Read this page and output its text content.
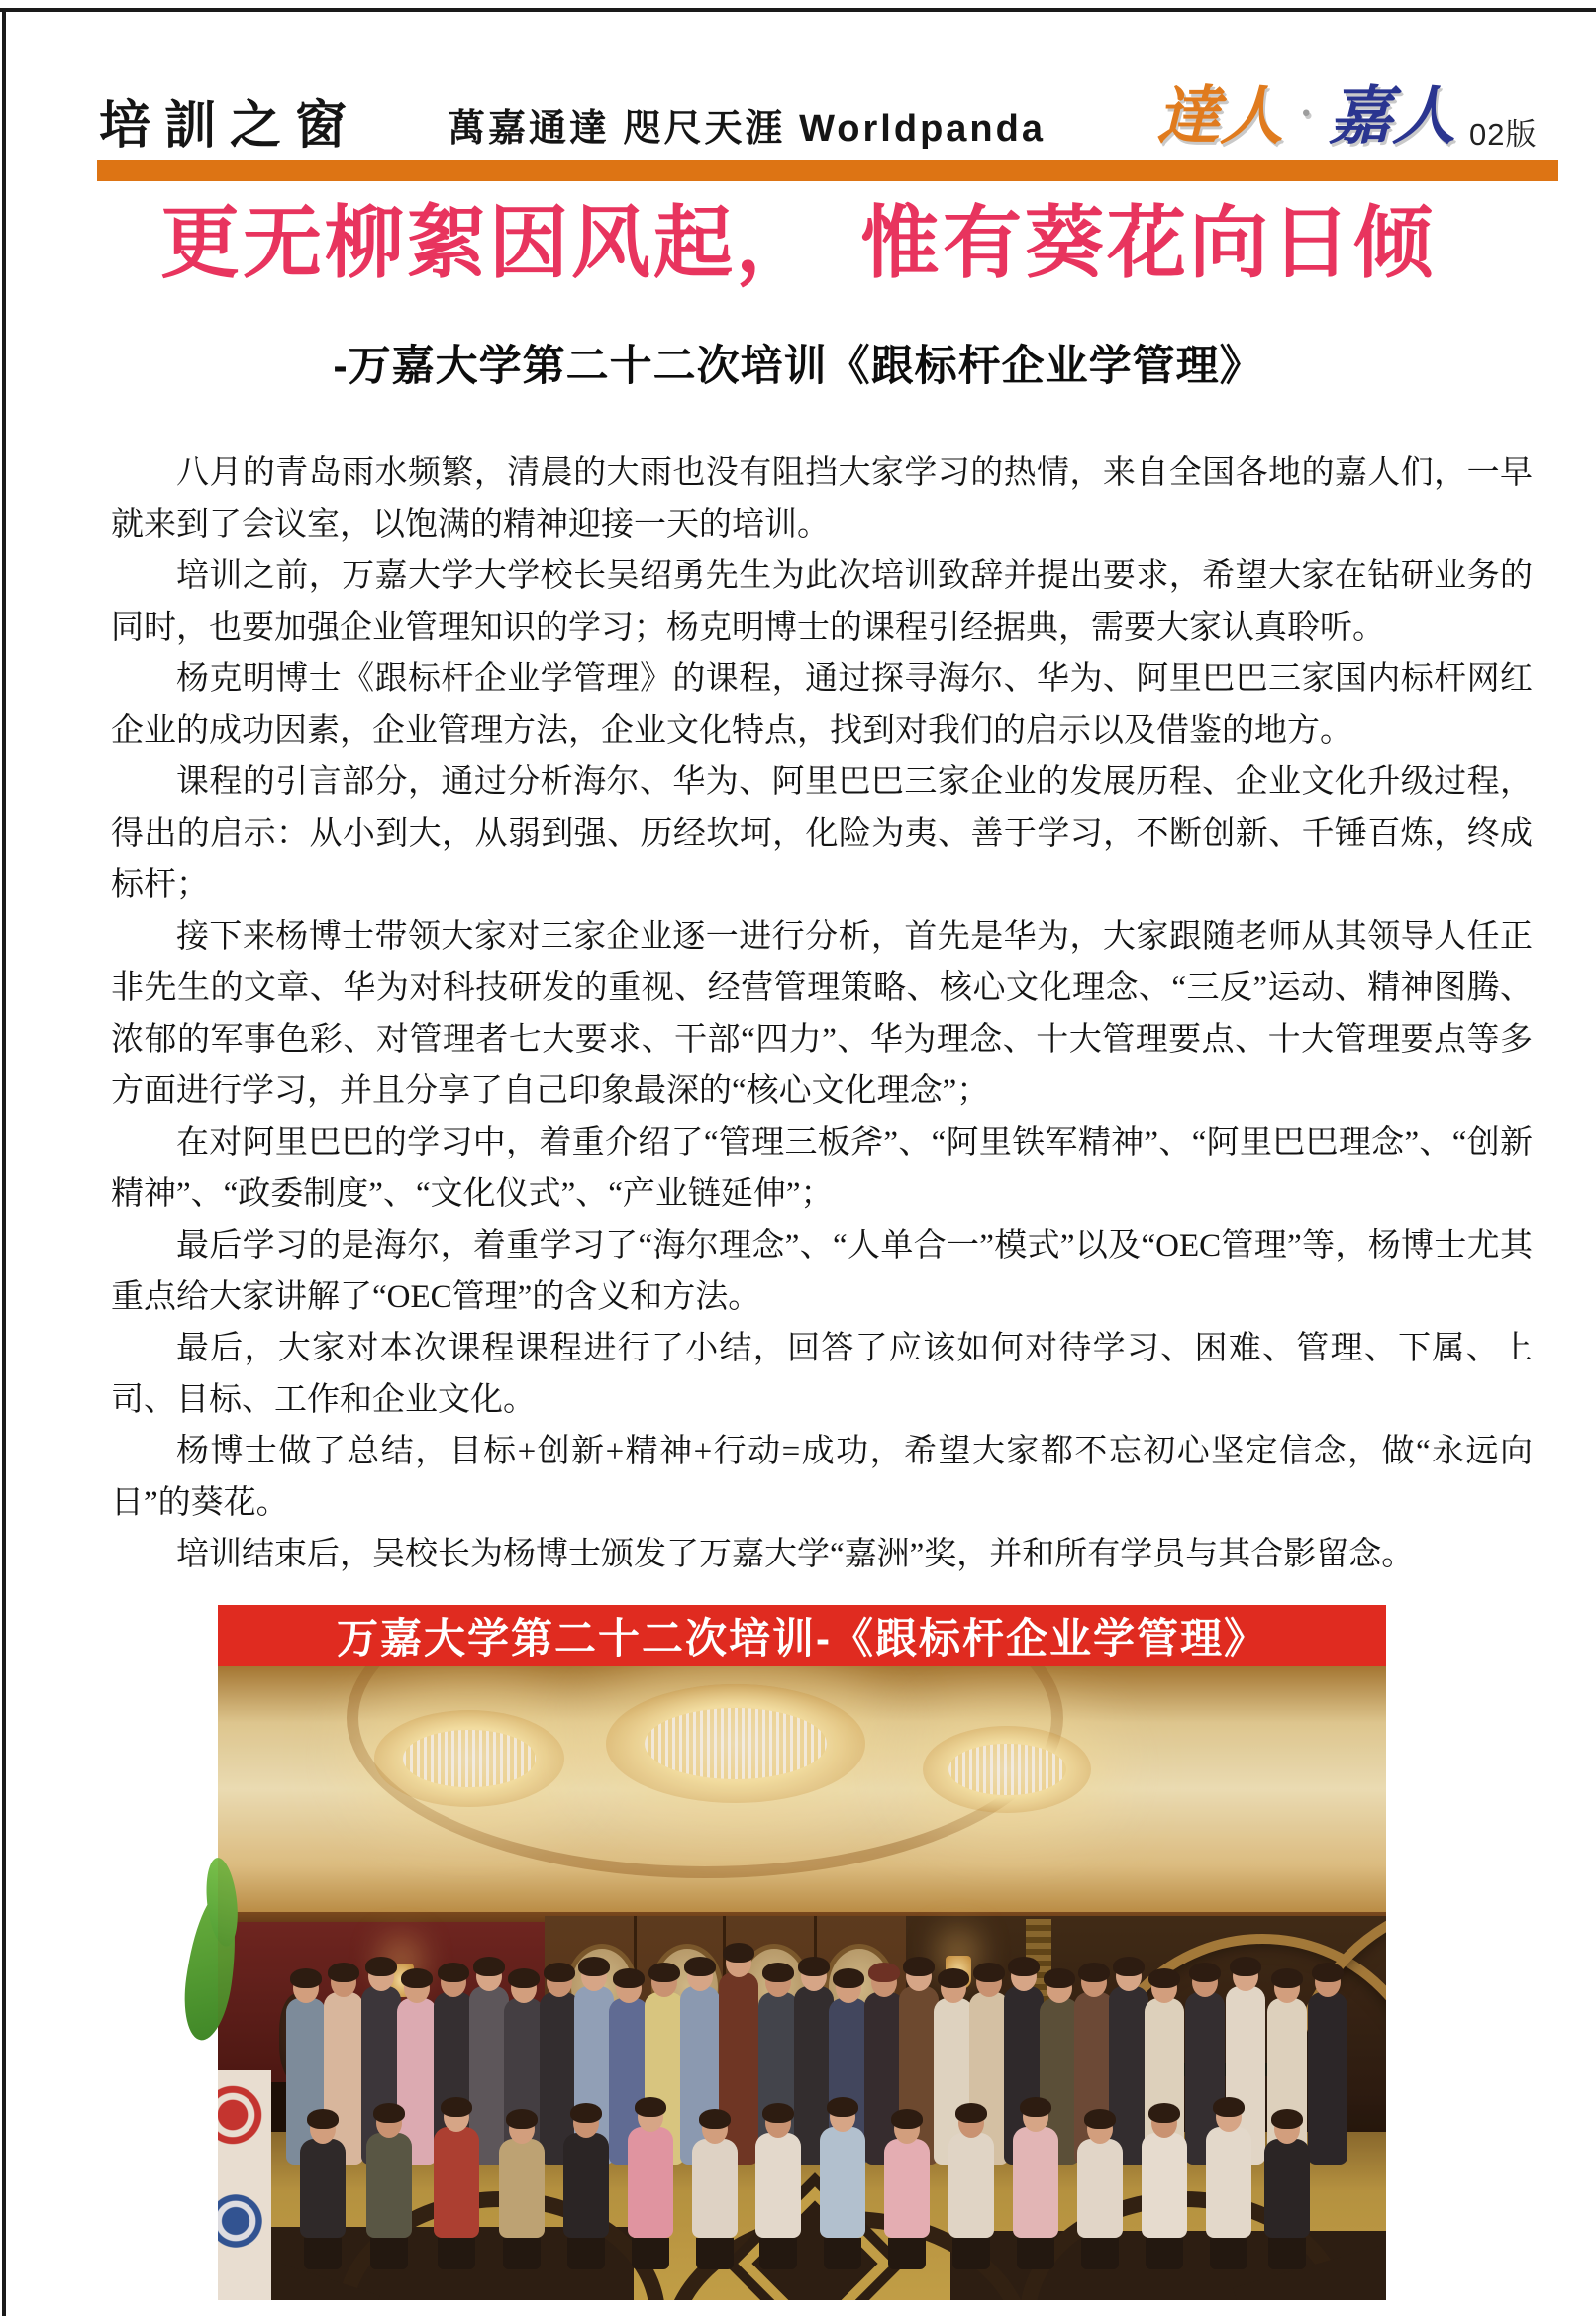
培訓之窗 萬嘉通達 咫尺天涯 Worldpanda 達人 · 嘉人 02版
更无柳絮因风起，　惟有葵花向日倾
-万嘉大学第二十二次培训《跟标杆企业学管理》

八月的青岛雨水频繁，清晨的大雨也没有阻挡大家学习的热情，来自全国各地的嘉人们，一早就来到了会议室，以饱满的精神迎接一天的培训。

培训之前，万嘉大学大学校长吴绍勇先生为此次培训致辞并提出要求，希望大家在钻研业务的同时，也要加强企业管理知识的学习；杨克明博士的课程引经据典，需要大家认真聆听。

杨克明博士《跟标杆企业学管理》的课程，通过探寻海尔、华为、阿里巴巴三家国内标杆网红企业的成功因素，企业管理方法，企业文化特点，找到对我们的启示以及借鉴的地方。

课程的引言部分，通过分析海尔、华为、阿里巴巴三家企业的发展历程、企业文化升级过程，得出的启示：从小到大，从弱到强、历经坎坷，化险为夷、善于学习，不断创新、千锤百炼，终成标杆；

接下来杨博士带领大家对三家企业逐一进行分析，首先是华为，大家跟随老师从其领导人任正非先生的文章、华为对科技研发的重视、经营管理策略、核心文化理念、“三反”运动、精神图腾、浓郁的军事色彩、对管理者七大要求、干部“四力”、华为理念、十大管理要点、十大管理要点等多方面进行学习，并且分享了自己印象最深的“核心文化理念”；

在对阿里巴巴的学习中，着重介绍了“管理三板斧”、“阿里铁军精神”、“阿里巴巴理念”、“创新精神”、“政委制度”、“文化仪式”、“产业链延伸”；

最后学习的是海尔，着重学习了“海尔理念”、“人单合一”模式”以及“OEC管理”等，杨博士尤其重点给大家讲解了“OEC管理”的含义和方法。

最后，大家对本次课程课程进行了小结，回答了应该如何对待学习、困难、管理、下属、上司、目标、工作和企业文化。

杨博士做了总结，目标+创新+精神+行动=成功，希望大家都不忘初心坚定信念，做“永远向日”的葵花。

培训结束后，吴校长为杨博士颁发了万嘉大学“嘉洲”奖，并和所有学员与其合影留念。

万嘉大学第二十二次培训-《跟标杆企业学管理》
